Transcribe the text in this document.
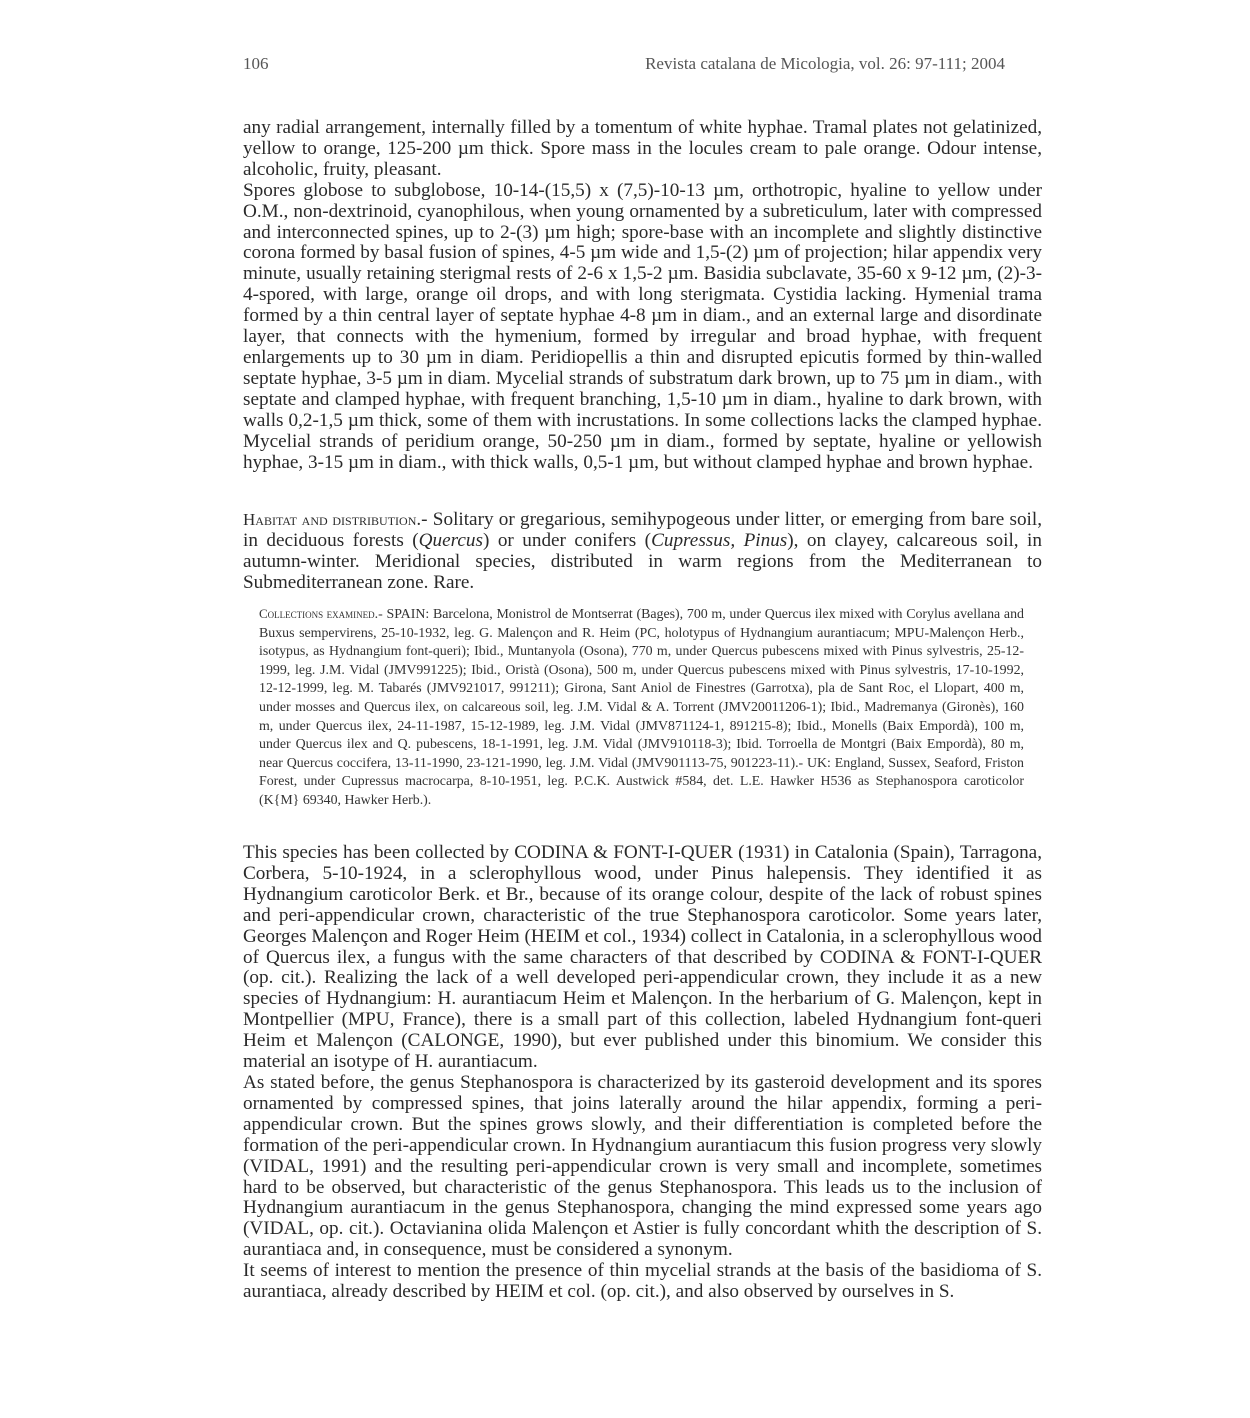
106	Revista catalana de Micologia, vol. 26: 97-111; 2004

any radial arrangement, internally filled by a tomentum of white hyphae. Tramal plates not gelatinized, yellow to orange, 125-200 µm thick. Spore mass in the locules cream to pale orange. Odour intense, alcoholic, fruity, pleasant.

Spores globose to subglobose, 10-14-(15,5) x (7,5)-10-13 µm, orthotropic, hyaline to yellow under O.M., non-dextrinoid, cyanophilous, when young ornamented by a subreticulum, later with compressed and interconnected spines, up to 2-(3) µm high; spore-base with an incomplete and slightly distinctive corona formed by basal fusion of spines, 4-5 µm wide and 1,5-(2) µm of projection; hilar appendix very minute, usually retaining sterigmal rests of 2-6 x 1,5-2 µm. Basidia subclavate, 35-60 x 9-12 µm, (2)-3-4-spored, with large, orange oil drops, and with long sterigmata. Cystidia lacking. Hymenial trama formed by a thin central layer of septate hyphae 4-8 µm in diam., and an external large and disordinate layer, that connects with the hymenium, formed by irregular and broad hyphae, with frequent enlargements up to 30 µm in diam. Peridiopellis a thin and disrupted epicutis formed by thin-walled septate hyphae, 3-5 µm in diam. Mycelial strands of substratum dark brown, up to 75 µm in diam., with septate and clamped hyphae, with frequent branching, 1,5-10 µm in diam., hyaline to dark brown, with walls 0,2-1,5 µm thick, some of them with incrustations. In some collections lacks the clamped hyphae. Mycelial strands of peridium orange, 50-250 µm in diam., formed by septate, hyaline or yellowish hyphae, 3-15 µm in diam., with thick walls, 0,5-1 µm, but without clamped hyphae and brown hyphae.

Habitat and distribution.- Solitary or gregarious, semihypogeous under litter, or emerging from bare soil, in deciduous forests (Quercus) or under conifers (Cupressus, Pinus), on clayey, calcareous soil, in autumn-winter. Meridional species, distributed in warm regions from the Mediterranean to Submediterranean zone. Rare.

Collections examined.- SPAIN: Barcelona, Monistrol de Montserrat (Bages), 700 m, under Quercus ilex mixed with Corylus avellana and Buxus sempervirens, 25-10-1932, leg. G. Malençon and R. Heim (PC, holotypus of Hydnangium aurantiacum; MPU-Malençon Herb., isotypus, as Hydnangium font-queri); Ibid., Muntanyola (Osona), 770 m, under Quercus pubescens mixed with Pinus sylvestris, 25-12-1999, leg. J.M. Vidal (JMV991225); Ibid., Oristà (Osona), 500 m, under Quercus pubescens mixed with Pinus sylvestris, 17-10-1992, 12-12-1999, leg. M. Tabarés (JMV921017, 991211); Girona, Sant Aniol de Finestres (Garrotxa), pla de Sant Roc, el Llopart, 400 m, under mosses and Quercus ilex, on calcareous soil, leg. J.M. Vidal & A. Torrent (JMV20011206-1); Ibid., Madremanya (Gironès), 160 m, under Quercus ilex, 24-11-1987, 15-12-1989, leg. J.M. Vidal (JMV871124-1, 891215-8); Ibid., Monells (Baix Empordà), 100 m, under Quercus ilex and Q. pubescens, 18-1-1991, leg. J.M. Vidal (JMV910118-3); Ibid. Torroella de Montgri (Baix Empordà), 80 m, near Quercus coccifera, 13-11-1990, 23-121-1990, leg. J.M. Vidal (JMV901113-75, 901223-11).- UK: England, Sussex, Seaford, Friston Forest, under Cupressus macrocarpa, 8-10-1951, leg. P.C.K. Austwick #584, det. L.E. Hawker H536 as Stephanospora caroticolor (K{M} 69340, Hawker Herb.).

This species has been collected by CODINA & FONT-I-QUER (1931) in Catalonia (Spain), Tarragona, Corbera, 5-10-1924, in a sclerophyllous wood, under Pinus halepensis. They identified it as Hydnangium caroticolor Berk. et Br., because of its orange colour, despite of the lack of robust spines and peri-appendicular crown, characteristic of the true Stephanospora caroticolor. Some years later, Georges Malençon and Roger Heim (HEIM et col., 1934) collect in Catalonia, in a sclerophyllous wood of Quercus ilex, a fungus with the same characters of that described by CODINA & FONT-I-QUER (op. cit.). Realizing the lack of a well developed peri-appendicular crown, they include it as a new species of Hydnangium: H. aurantiacum Heim et Malençon. In the herbarium of G. Malençon, kept in Montpellier (MPU, France), there is a small part of this collection, labeled Hydnangium font-queri Heim et Malençon (CALONGE, 1990), but ever published under this binomium. We consider this material an isotype of H. aurantiacum.

As stated before, the genus Stephanospora is characterized by its gasteroid development and its spores ornamented by compressed spines, that joins laterally around the hilar appendix, forming a peri-appendicular crown. But the spines grows slowly, and their differentiation is completed before the formation of the peri-appendicular crown. In Hydnangium aurantiacum this fusion progress very slowly (VIDAL, 1991) and the resulting peri-appendicular crown is very small and incomplete, sometimes hard to be observed, but characteristic of the genus Stephanospora. This leads us to the inclusion of Hydnangium aurantiacum in the genus Stephanospora, changing the mind expressed some years ago (VIDAL, op. cit.). Octavianina olida Malençon et Astier is fully concordant whith the description of S. aurantiaca and, in consequence, must be considered a synonym.

It seems of interest to mention the presence of thin mycelial strands at the basis of the basidioma of S. aurantiaca, already described by HEIM et col. (op. cit.), and also observed by ourselves in S.
